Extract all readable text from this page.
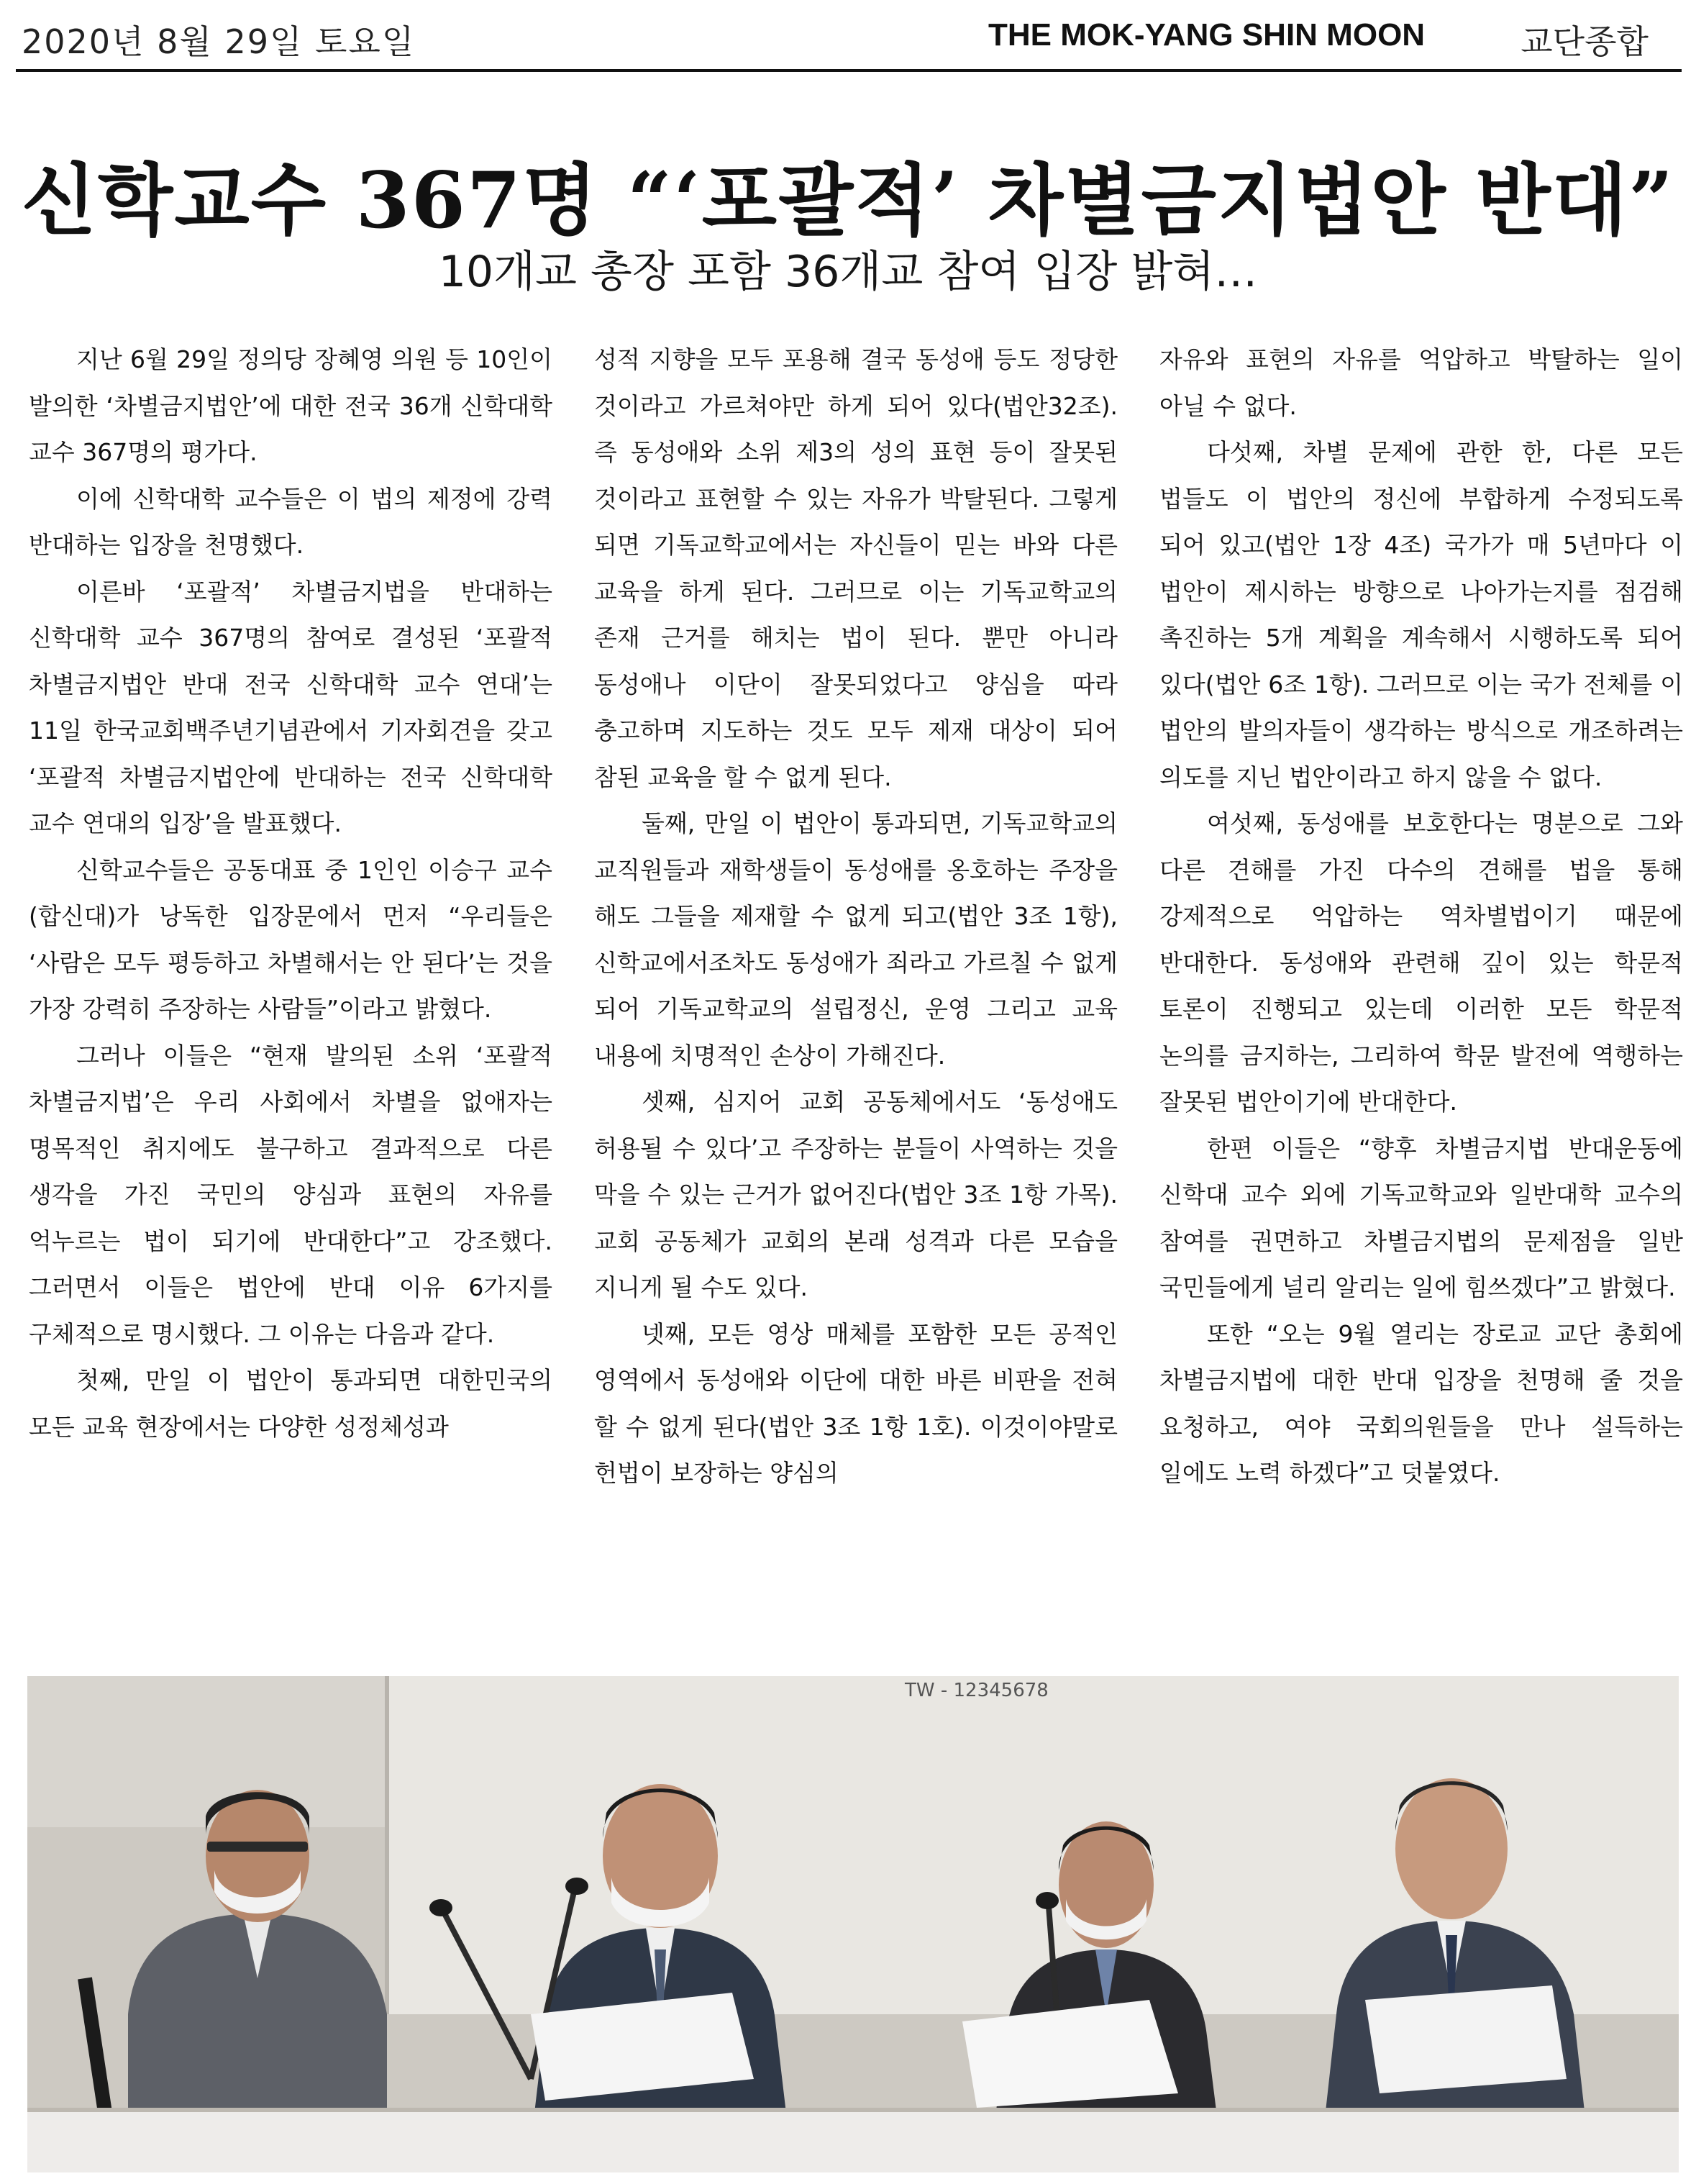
2020년 8월 29일 토요일	THE MOK-YANG SHIN MOON	교단종합
신학교수 367명 “‘포괄적’ 차별금지법안 반대”
10개교 총장 포함 36개교 참여 입장 밝혀…

지난 6월 29일 정의당 장혜영 의원 등 10인이 발의한 ‘차별금지법안’에 대한 전국 36개 신학대학 교수 367명의 평가다.

이에 신학대학 교수들은 이 법의 제정에 강력 반대하는 입장을 천명했다.

이른바 ‘포괄적’ 차별금지법을 반대하는 신학대학 교수 367명의 참여로 결성된 ‘포괄적 차별금지법안 반대 전국 신학대학 교수 연대’는 11일 한국교회백주년기념관에서 기자회견을 갖고 ‘포괄적 차별금지법안에 반대하는 전국 신학대학 교수 연대의 입장’을 발표했다.

신학교수들은 공동대표 중 1인인 이승구 교수(합신대)가 낭독한 입장문에서 먼저 “우리들은 ‘사람은 모두 평등하고 차별해서는 안 된다’는 것을 가장 강력히 주장하는 사람들”이라고 밝혔다.

그러나 이들은 “현재 발의된 소위 ‘포괄적 차별금지법’은 우리 사회에서 차별을 없애자는 명목적인 취지에도 불구하고 결과적으로 다른 생각을 가진 국민의 양심과 표현의 자유를 억누르는 법이 되기에 반대한다”고 강조했다. 그러면서 이들은 법안에 반대 이유 6가지를 구체적으로 명시했다. 그 이유는 다음과 같다.

첫째, 만일 이 법안이 통과되면 대한민국의 모든 교육 현장에서는 다양한 성정체성과

성적 지향을 모두 포용해 결국 동성애 등도 정당한 것이라고 가르쳐야만 하게 되어 있다(법안32조). 즉 동성애와 소위 제3의 성의 표현 등이 잘못된 것이라고 표현할 수 있는 자유가 박탈된다. 그렇게 되면 기독교학교에서는 자신들이 믿는 바와 다른 교육을 하게 된다. 그러므로 이는 기독교학교의 존재 근거를 해치는 법이 된다. 뿐만 아니라 동성애나 이단이 잘못되었다고 양심을 따라 충고하며 지도하는 것도 모두 제재 대상이 되어 참된 교육을 할 수 없게 된다.

둘째, 만일 이 법안이 통과되면, 기독교학교의 교직원들과 재학생들이 동성애를 옹호하는 주장을 해도 그들을 제재할 수 없게 되고(법안 3조 1항), 신학교에서조차도 동성애가 죄라고 가르칠 수 없게 되어 기독교학교의 설립정신, 운영 그리고 교육 내용에 치명적인 손상이 가해진다.

셋째, 심지어 교회 공동체에서도 ‘동성애도 허용될 수 있다’고 주장하는 분들이 사역하는 것을 막을 수 있는 근거가 없어진다(법안 3조 1항 가목). 교회 공동체가 교회의 본래 성격과 다른 모습을 지니게 될 수도 있다.

넷째, 모든 영상 매체를 포함한 모든 공적인 영역에서 동성애와 이단에 대한 바른 비판을 전혀 할 수 없게 된다(법안 3조 1항 1호). 이것이야말로 헌법이 보장하는 양심의

자유와 표현의 자유를 억압하고 박탈하는 일이 아닐 수 없다.

다섯째, 차별 문제에 관한 한, 다른 모든 법들도 이 법안의 정신에 부합하게 수정되도록 되어 있고(법안 1장 4조) 국가가 매 5년마다 이 법안이 제시하는 방향으로 나아가는지를 점검해 촉진하는 5개 계획을 계속해서 시행하도록 되어 있다(법안 6조 1항). 그러므로 이는 국가 전체를 이 법안의 발의자들이 생각하는 방식으로 개조하려는 의도를 지닌 법안이라고 하지 않을 수 없다.

여섯째, 동성애를 보호한다는 명분으로 그와 다른 견해를 가진 다수의 견해를 법을 통해 강제적으로 억압하는 역차별법이기 때문에 반대한다. 동성애와 관련해 깊이 있는 학문적 토론이 진행되고 있는데 이러한 모든 학문적 논의를 금지하는, 그리하여 학문 발전에 역행하는 잘못된 법안이기에 반대한다.

한편 이들은 “향후 차별금지법 반대운동에 신학대 교수 외에 기독교학교와 일반대학 교수의 참여를 권면하고 차별금지법의 문제점을 일반 국민들에게 널리 알리는 일에 힘쓰겠다”고 밝혔다.

또한 “오는 9월 열리는 장로교 교단 총회에 차별금지법에 대한 반대 입장을 천명해 줄 것을 요청하고, 여야 국회의원들을 만나 설득하는 일에도 노력 하겠다”고 덧붙였다.

TW - 12345678
